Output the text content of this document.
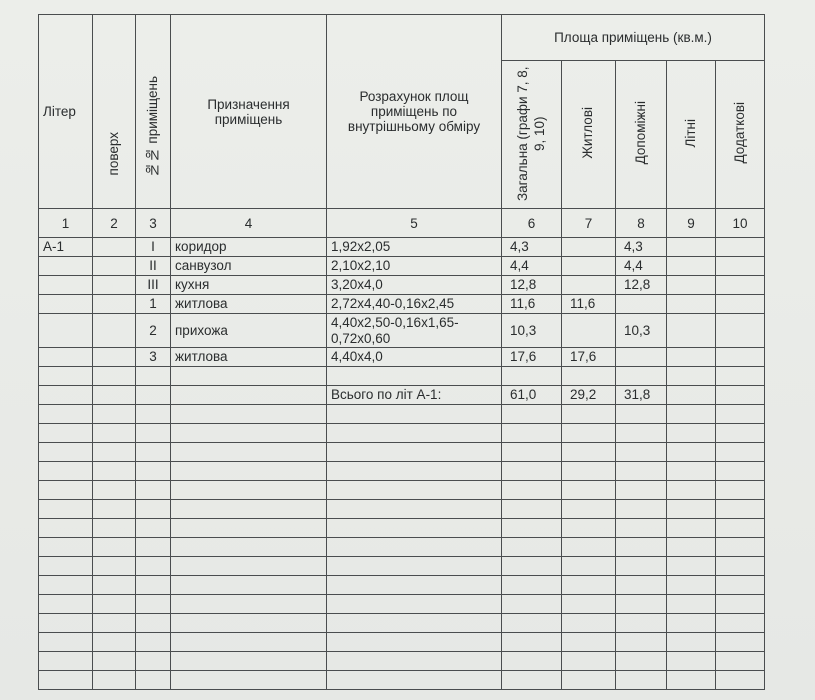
Літер	поверх	№№ приміщень	Призначення приміщень	Розрахунок площ приміщень по внутрішньому обміру	Площа приміщень (кв.м.)				
					Загальна (графи 7, 8, 9, 10)	Житлові	Допоміжні	Літні	Додаткові
1	2	3	4	5	6	7	8	9	10
А-1		I	коридор	1,92х2,05	4,3		4,3		
		II	санвузол	2,10х2,10	4,4		4,4		
		III	кухня	3,20х4,0	12,8		12,8		
		1	житлова	2,72х4,40-0,16х2,45	11,6	11,6			
		2	прихожа	4,40х2,50-0,16х1,65-0,72х0,60	10,3		10,3		
		3	житлова	4,40х4,0	17,6	17,6			

				Всього по літ А-1:	61,0	29,2	31,8		
